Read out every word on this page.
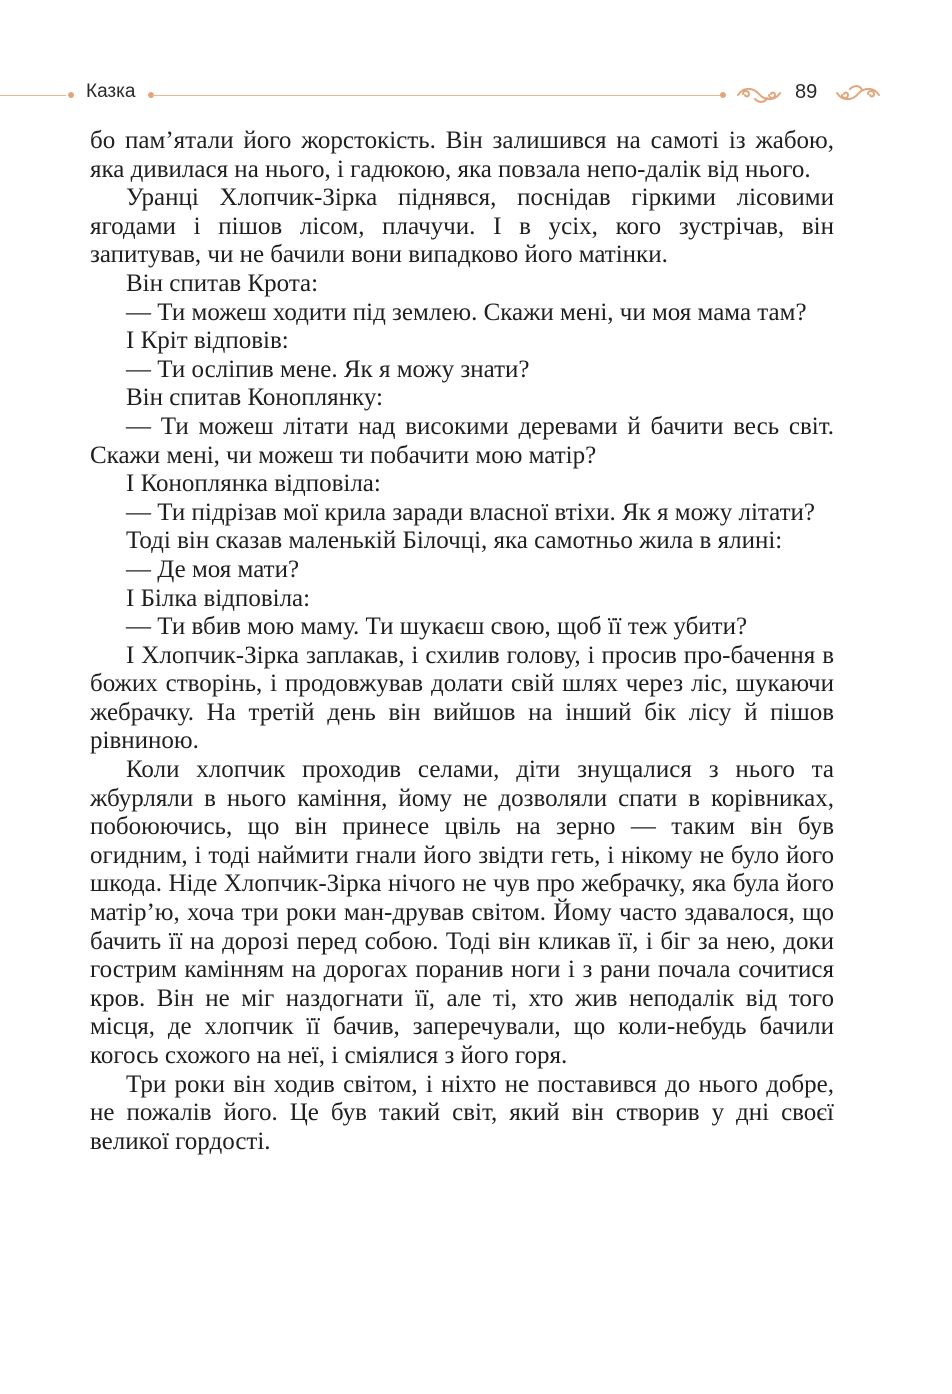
Казка	89

бо пам’ятали його жорстокість. Він залишився на самоті із жабою, яка дивилася на нього, і гадюкою, яка повзала непо-далік від нього.

Уранці Хлопчик-Зірка піднявся, поснідав гіркими лісовими ягодами і пішов лісом, плачучи. І в усіх, кого зустрічав, він запитував, чи не бачили вони випадково його матінки.

Він спитав Крота:

— Ти можеш ходити під землею. Скажи мені, чи моя мама там?

І Кріт відповів:

— Ти осліпив мене. Як я можу знати?

Він спитав Коноплянку:

— Ти можеш літати над високими деревами й бачити весь світ. Скажи мені, чи можеш ти побачити мою матір?

І Коноплянка відповіла:

— Ти підрізав мої крила заради власної втіхи. Як я можу літати?

Тоді він сказав маленькій Білочці, яка самотньо жила в ялині:

— Де моя мати?

І Білка відповіла:

— Ти вбив мою маму. Ти шукаєш свою, щоб її теж убити?

І Хлопчик-Зірка заплакав, і схилив голову, і просив про-бачення в божих створінь, і продовжував долати свій шлях через ліс, шукаючи жебрачку. На третій день він вийшов на інший бік лісу й пішов рівниною.

Коли хлопчик проходив селами, діти знущалися з нього та жбурляли в нього каміння, йому не дозволяли спати в корівниках, побоюючись, що він принесе цвіль на зерно — таким він був огидним, і тоді наймити гнали його звідти геть, і нікому не було його шкода. Ніде Хлопчик-Зірка нічого не чув про жебрачку, яка була його матір’ю, хоча три роки ман-дрував світом. Йому часто здавалося, що бачить її на дорозі перед собою. Тоді він кликав її, і біг за нею, доки гострим камінням на дорогах поранив ноги і з рани почала сочитися кров. Він не міг наздогнати її, але ті, хто жив неподалік від того місця, де хлопчик її бачив, заперечували, що коли-небудь бачили когось схожого на неї, і сміялися з його горя.

Три роки він ходив світом, і ніхто не поставився до нього добре, не пожалів його. Це був такий світ, який він створив у дні своєї великої гордості.
